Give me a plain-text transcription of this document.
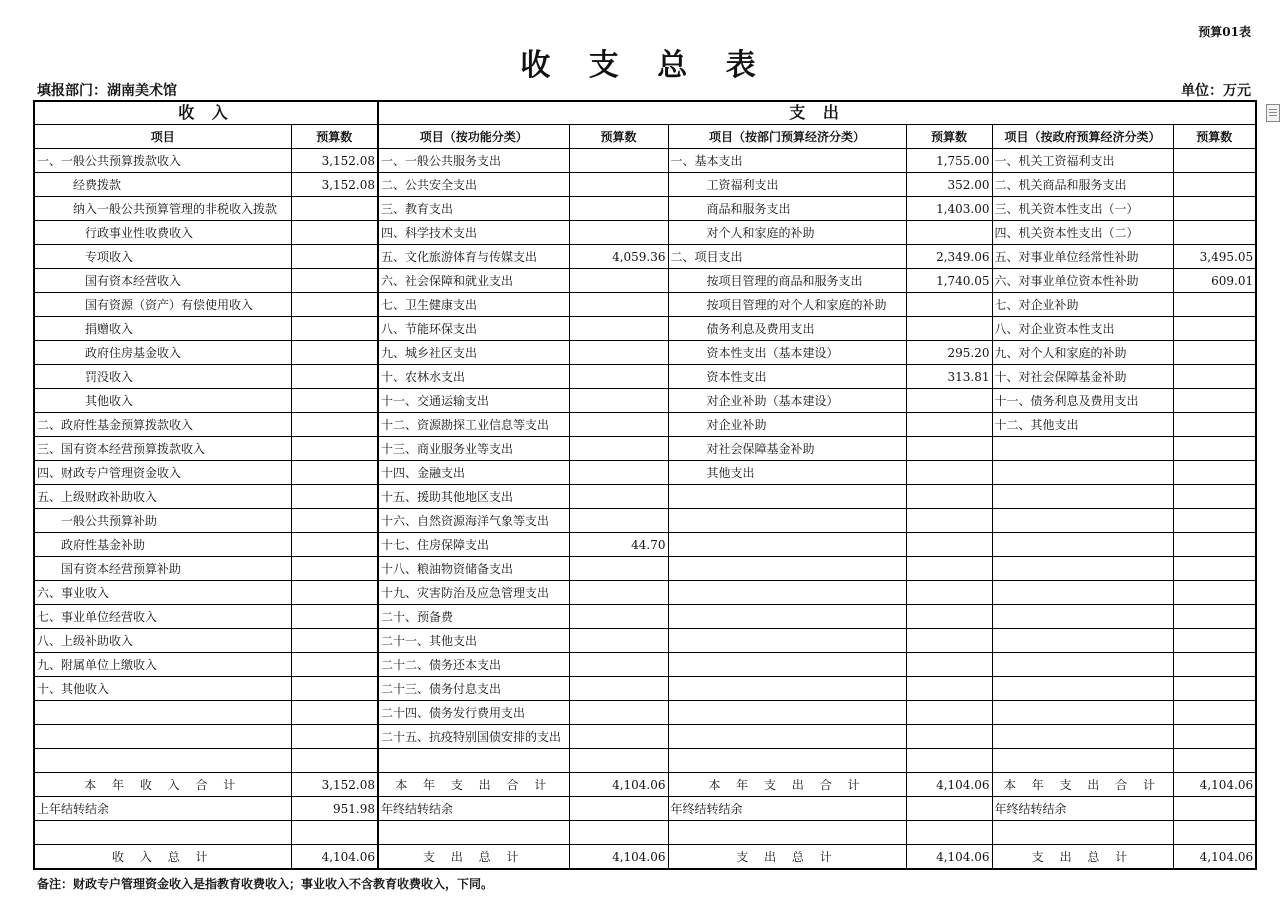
预算01表
收 支 总 表
填报部门：湖南美术馆	单位：万元
收 入		支 出					
项目	预算数	项目（按功能分类）	预算数	项目（按部门预算经济分类）	预算数	项目（按政府预算经济分类）	预算数
一、一般公共预算拨款收入	3,152.08	一、一般公共服务支出		一、基本支出	1,755.00	一、机关工资福利支出	
经费拨款	3,152.08	二、公共安全支出		工资福利支出	352.00	二、机关商品和服务支出	
纳入一般公共预算管理的非税收入拨款		三、教育支出		商品和服务支出	1,403.00	三、机关资本性支出（一）	
行政事业性收费收入		四、科学技术支出		对个人和家庭的补助		四、机关资本性支出（二）	
专项收入		五、文化旅游体育与传媒支出	4,059.36	二、项目支出	2,349.06	五、对事业单位经常性补助	3,495.05
国有资本经营收入		六、社会保障和就业支出		按项目管理的商品和服务支出	1,740.05	六、对事业单位资本性补助	609.01
国有资源（资产）有偿使用收入		七、卫生健康支出		按项目管理的对个人和家庭的补助		七、对企业补助	
捐赠收入		八、节能环保支出		债务利息及费用支出		八、对企业资本性支出	
政府住房基金收入		九、城乡社区支出		资本性支出（基本建设）	295.20	九、对个人和家庭的补助	
罚没收入		十、农林水支出		资本性支出	313.81	十、对社会保障基金补助	
其他收入		十一、交通运输支出		对企业补助（基本建设）		十一、债务利息及费用支出	
二、政府性基金预算拨款收入		十二、资源勘探工业信息等支出		对企业补助		十二、其他支出	
三、国有资本经营预算拨款收入		十三、商业服务业等支出		对社会保障基金补助			
四、财政专户管理资金收入		十四、金融支出		其他支出			
五、上级财政补助收入		十五、援助其他地区支出					
一般公共预算补助		十六、自然资源海洋气象等支出					
政府性基金补助		十七、住房保障支出	44.70				
国有资本经营预算补助		十八、粮油物资储备支出					
六、事业收入		十九、灾害防治及应急管理支出					
七、事业单位经营收入		二十、预备费					
八、上级补助收入		二十一、其他支出					
九、附属单位上缴收入		二十二、债务还本支出					
十、其他收入		二十三、债务付息支出					
		二十四、债务发行费用支出					
		二十五、抗疫特别国债安排的支出					

本 年 收 入 合 计	3,152.08	本 年 支 出 合 计	4,104.06	本 年 支 出 合 计	4,104.06	本 年 支 出 合 计	4,104.06
上年结转结余	951.98	年终结转结余		年终结转结余		年终结转结余	

收 入 总 计	4,104.06	支 出 总 计	4,104.06	支 出 总 计	4,104.06	支 出 总 计	4,104.06
备注：财政专户管理资金收入是指教育收费收入；事业收入不含教育收费收入，下同。
